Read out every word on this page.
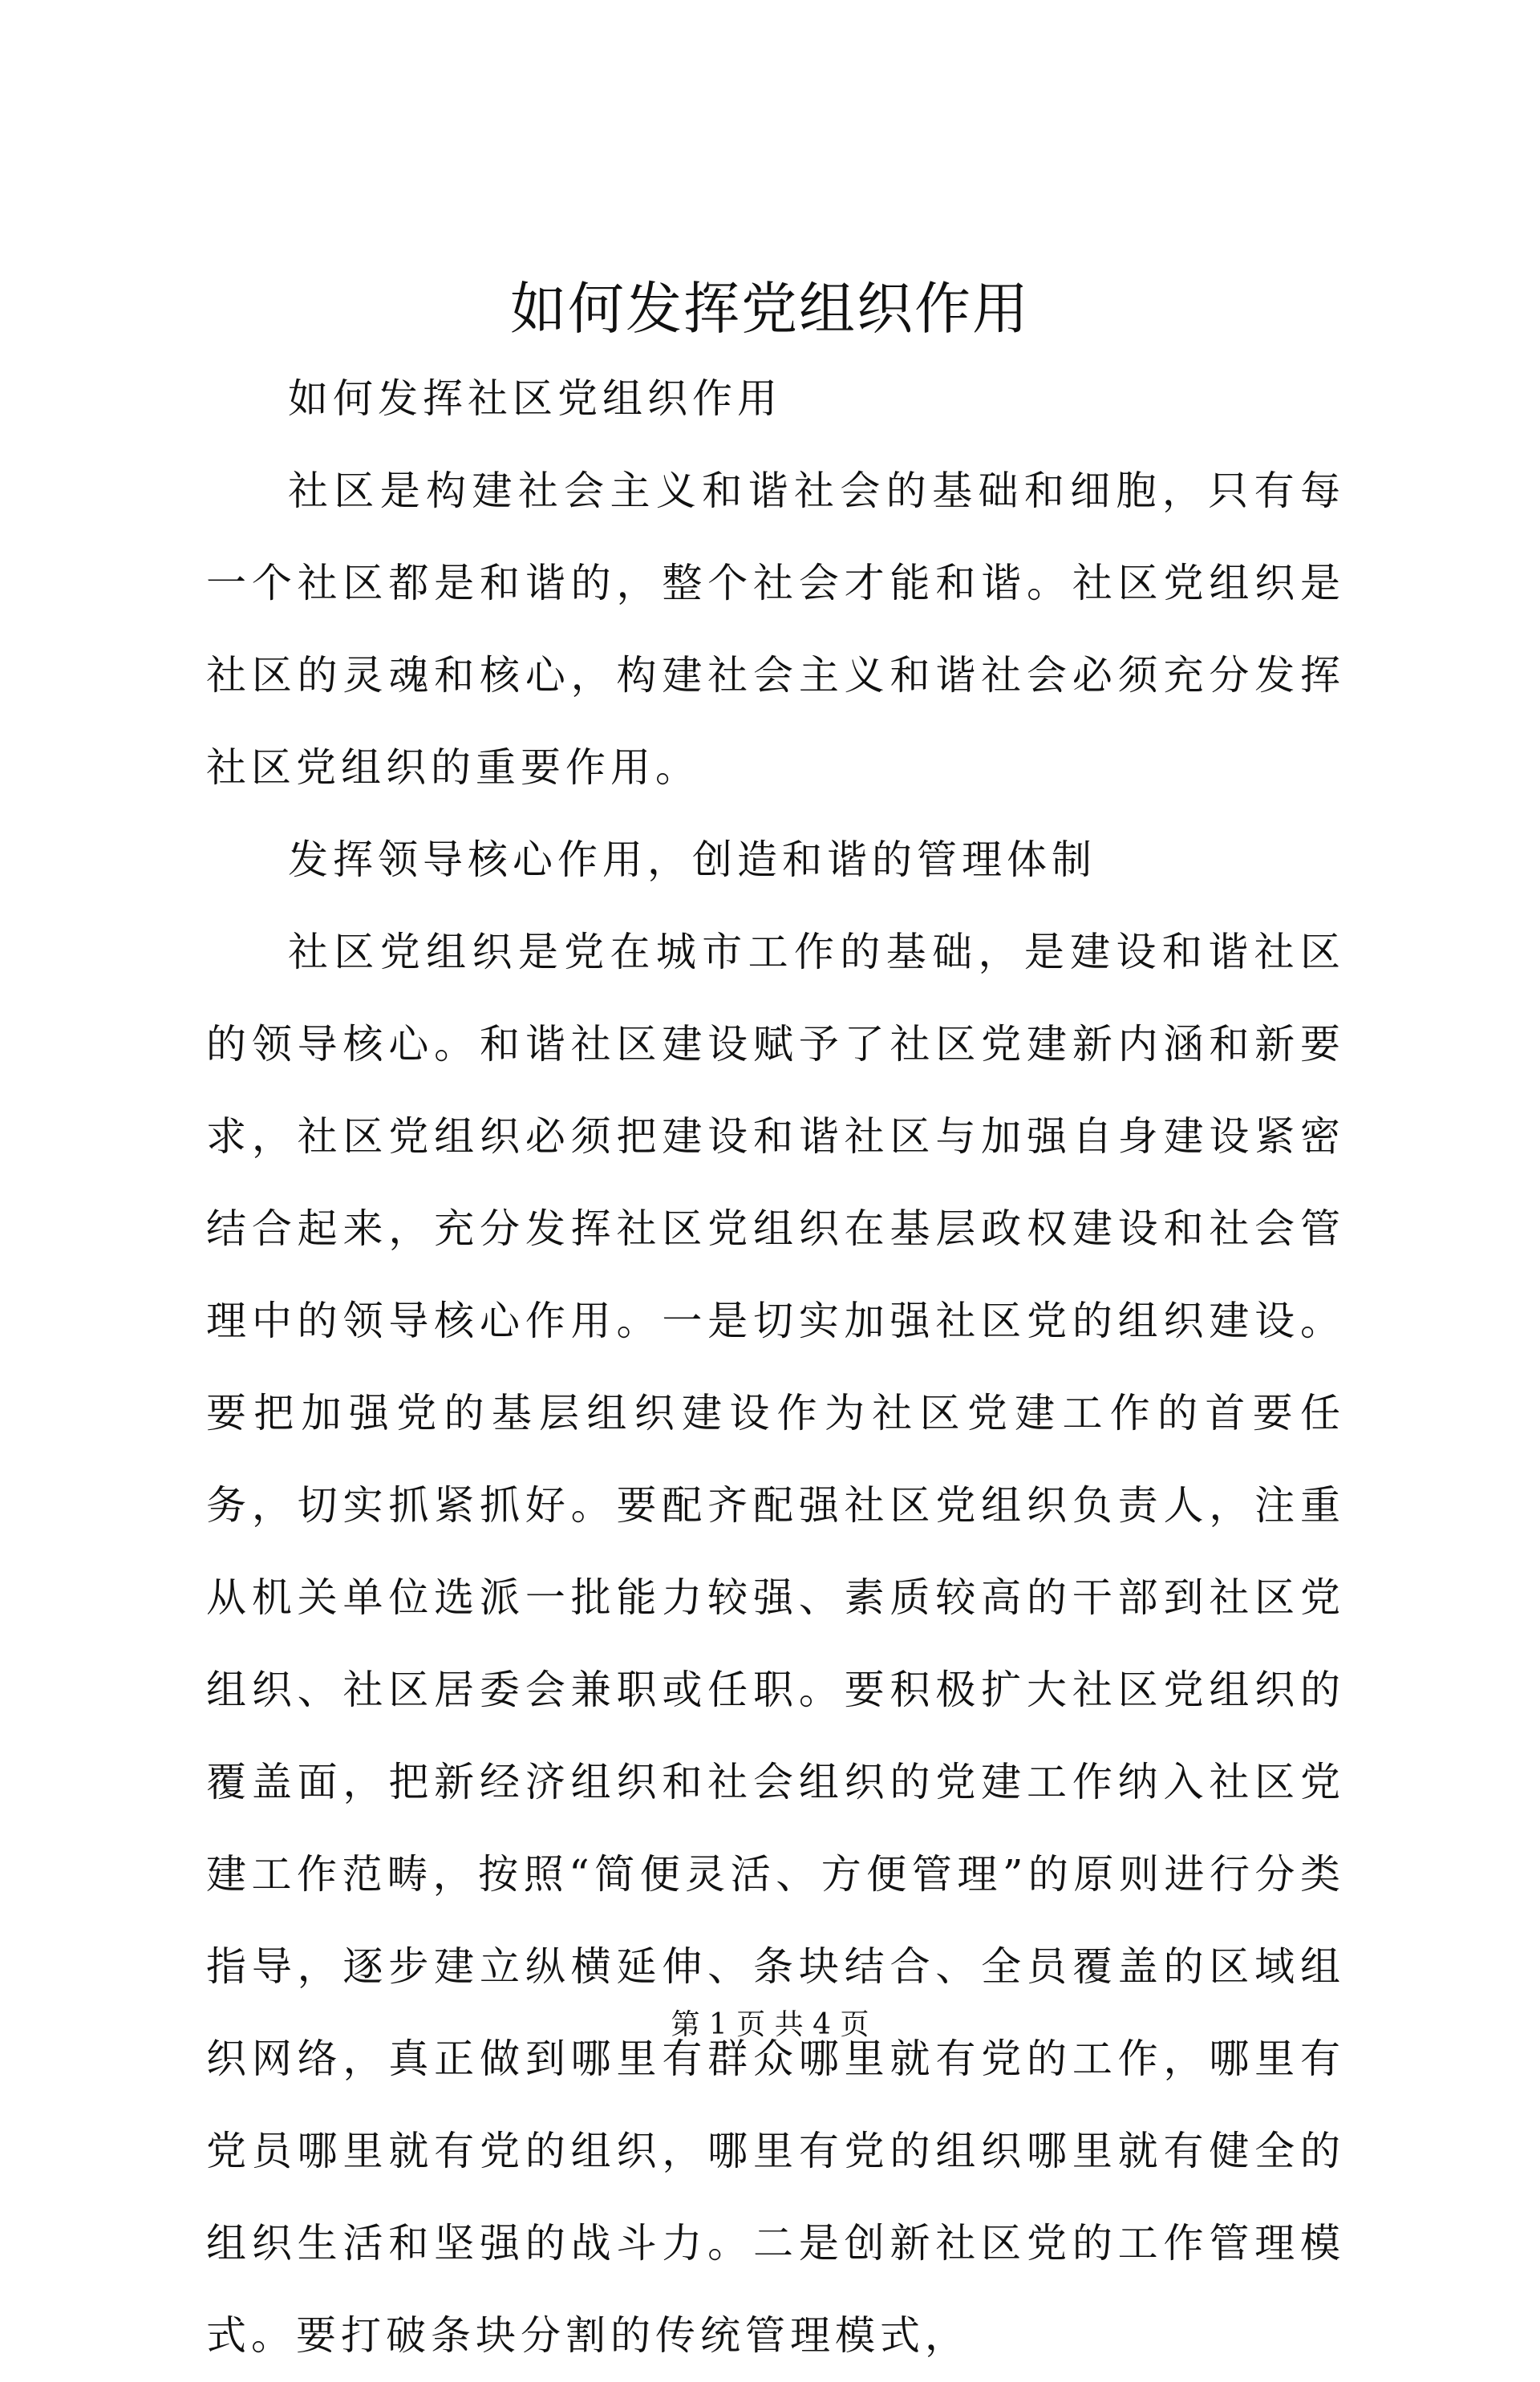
如何发挥党组织作用

如何发挥社区党组织作用

社区是构建社会主义和谐社会的基础和细胞，只有每一个社区都是和谐的，整个社会才能和谐。社区党组织是社区的灵魂和核心，构建社会主义和谐社会必须充分发挥社区党组织的重要作用。

发挥领导核心作用，创造和谐的管理体制

社区党组织是党在城市工作的基础，是建设和谐社区的领导核心。和谐社区建设赋予了社区党建新内涵和新要求，社区党组织必须把建设和谐社区与加强自身建设紧密结合起来，充分发挥社区党组织在基层政权建设和社会管理中的领导核心作用。一是切实加强社区党的组织建设。要把加强党的基层组织建设作为社区党建工作的首要任务，切实抓紧抓好。要配齐配强社区党组织负责人，注重从机关单位选派一批能力较强、素质较高的干部到社区党组织、社区居委会兼职或任职。要积极扩大社区党组织的覆盖面，把新经济组织和社会组织的党建工作纳入社区党建工作范畴，按照“简便灵活、方便管理”的原则进行分类指导，逐步建立纵横延伸、条块结合、全员覆盖的区域组织网络，真正做到哪里有群众哪里就有党的工作，哪里有党员哪里就有党的组织，哪里有党的组织哪里就有健全的组织生活和坚强的战斗力。二是创新社区党的工作管理模式。要打破条块分割的传统管理模式，

第 1 页 共 4 页
